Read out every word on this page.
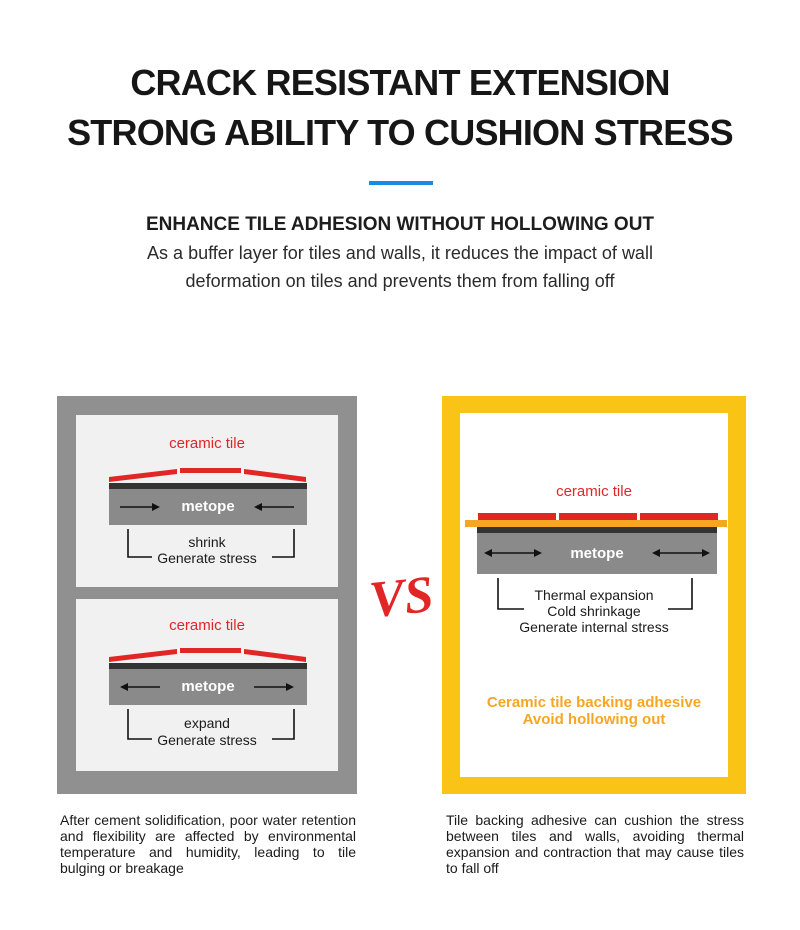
CRACK RESISTANT EXTENSION
STRONG ABILITY TO CUSHION STRESS
ENHANCE TILE ADHESION WITHOUT HOLLOWING OUT
As a buffer layer for tiles and walls, it reduces the impact of wall
deformation on tiles and prevents them from falling off
ceramic tile
metope
shrink
Generate stress
ceramic tile
metope
expand
Generate stress
VS
ceramic tile
metope
Thermal expansion
Cold shrinkage
Generate internal stress
Ceramic tile backing adhesive
Avoid hollowing out
After cement solidification, poor water retention and flexibility are affected by environmental temperature and humidity, leading to tile bulging or breakage
Tile backing adhesive can cushion the stress between tiles and walls, avoiding thermal expansion and contraction that may cause tiles to fall off
